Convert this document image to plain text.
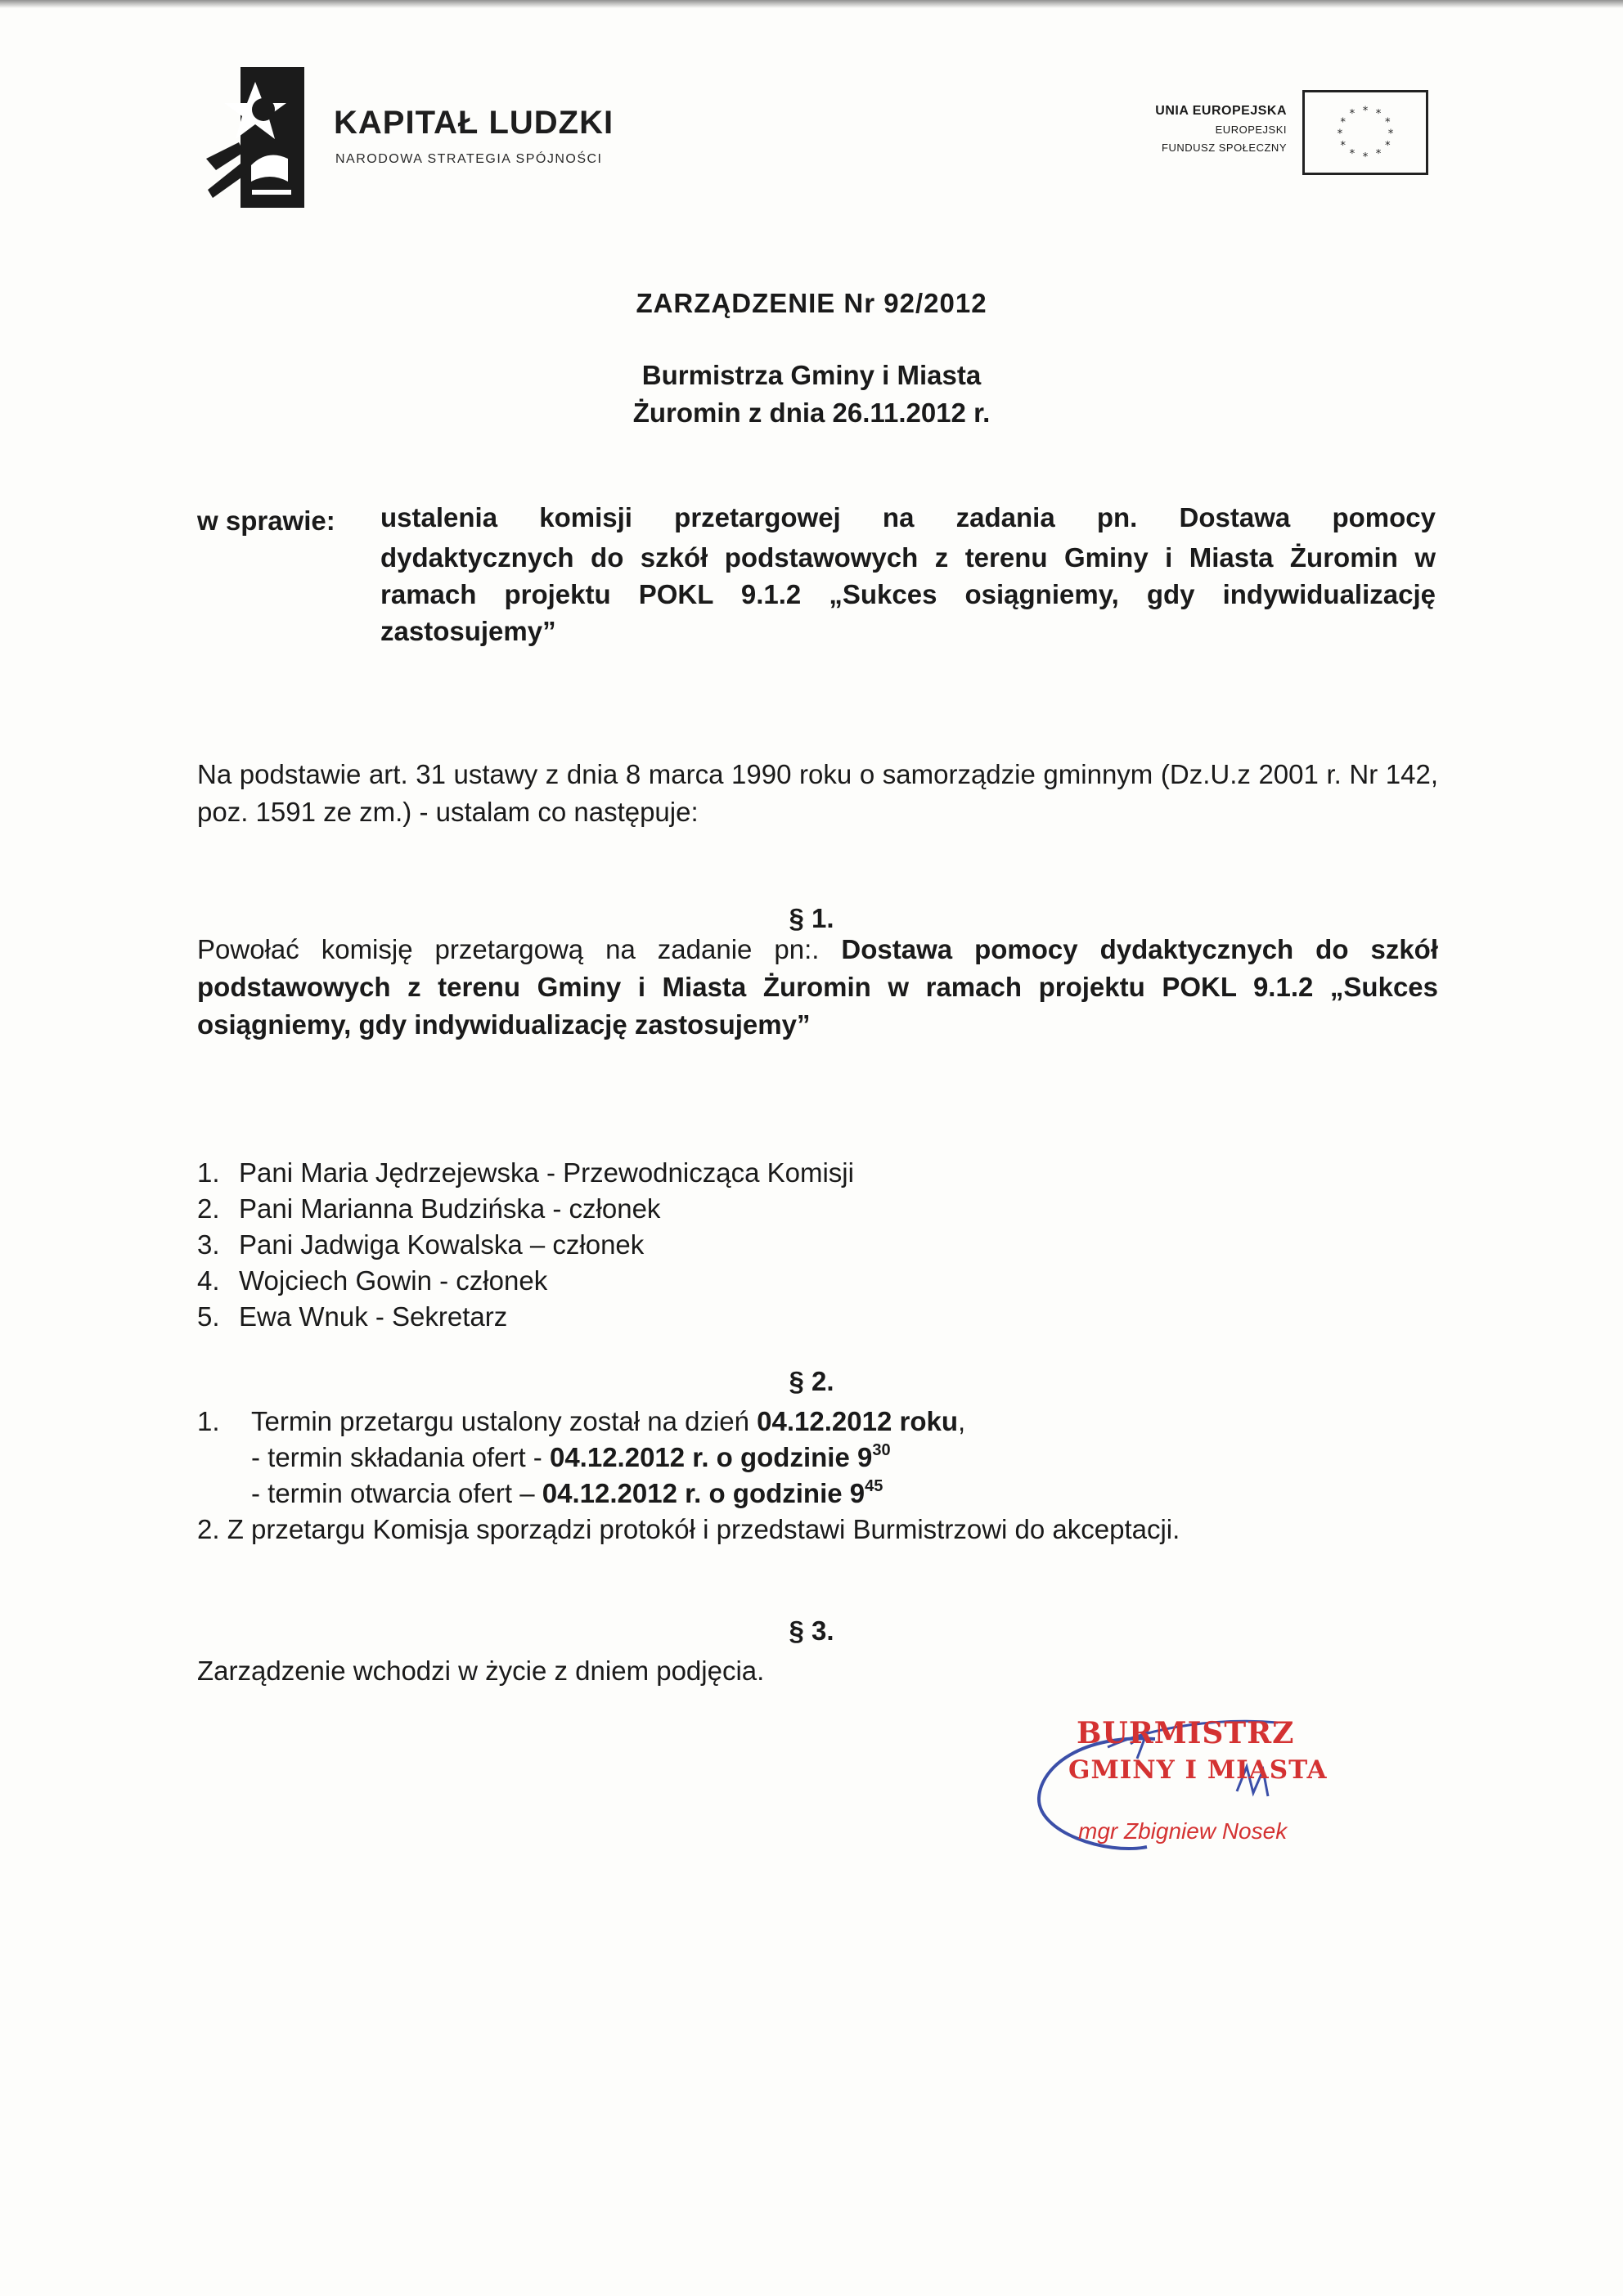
KAPITAŁ LUDZKI
NARODOWA STRATEGIA SPÓJNOŚCI
UNIA EUROPEJSKA
EUROPEJSKI
FUNDUSZ SPOŁECZNY
* *
*
*
*
*
*
*
*
*
*
*
ZARZĄDZENIE Nr 92/2012
Burmistrza Gminy i Miasta
Żuromin z dnia 26.11.2012 r.
w sprawie: ustalenia komisji przetargowej na zadania pn. Dostawa pomocy
dydaktycznych do szkół podstawowych z terenu Gminy i Miasta Żuromin w ramach projektu POKL 9.1.2 „Sukces osiągniemy, gdy indywidualizację zastosujemy”
Na podstawie art. 31 ustawy z dnia 8 marca 1990 roku o samorządzie gminnym (Dz.U.z 2001 r. Nr 142, poz. 1591 ze zm.) - ustalam co następuje:
§ 1.
Powołać komisję przetargową na zadanie pn:. Dostawa pomocy dydaktycznych do szkół podstawowych z terenu Gminy i Miasta Żuromin w ramach projektu POKL 9.1.2 „Sukces osiągniemy, gdy indywidualizację zastosujemy”
1. Pani Maria Jędrzejewska - Przewodnicząca Komisji
2. Pani Marianna Budzińska - członek
3. Pani Jadwiga Kowalska – członek
4. Wojciech Gowin - członek
5. Ewa Wnuk - Sekretarz
§ 2.
1.	Termin przetargu ustalony został na dzień 04.12.2012 roku,
- termin składania ofert - 04.12.2012 r. o godzinie $9^{30}$
- termin otwarcia ofert – 04.12.2012 r. o godzinie $9^{45}$
2. Z przetargu Komisja sporządzi protokół i przedstawi Burmistrzowi do akceptacji.
§ 3.
Zarządzenie wchodzi w życie z dniem podjęcia.
BURMISTRZ
GMINY I MIASTA
mgr Zbigniew Nosek
